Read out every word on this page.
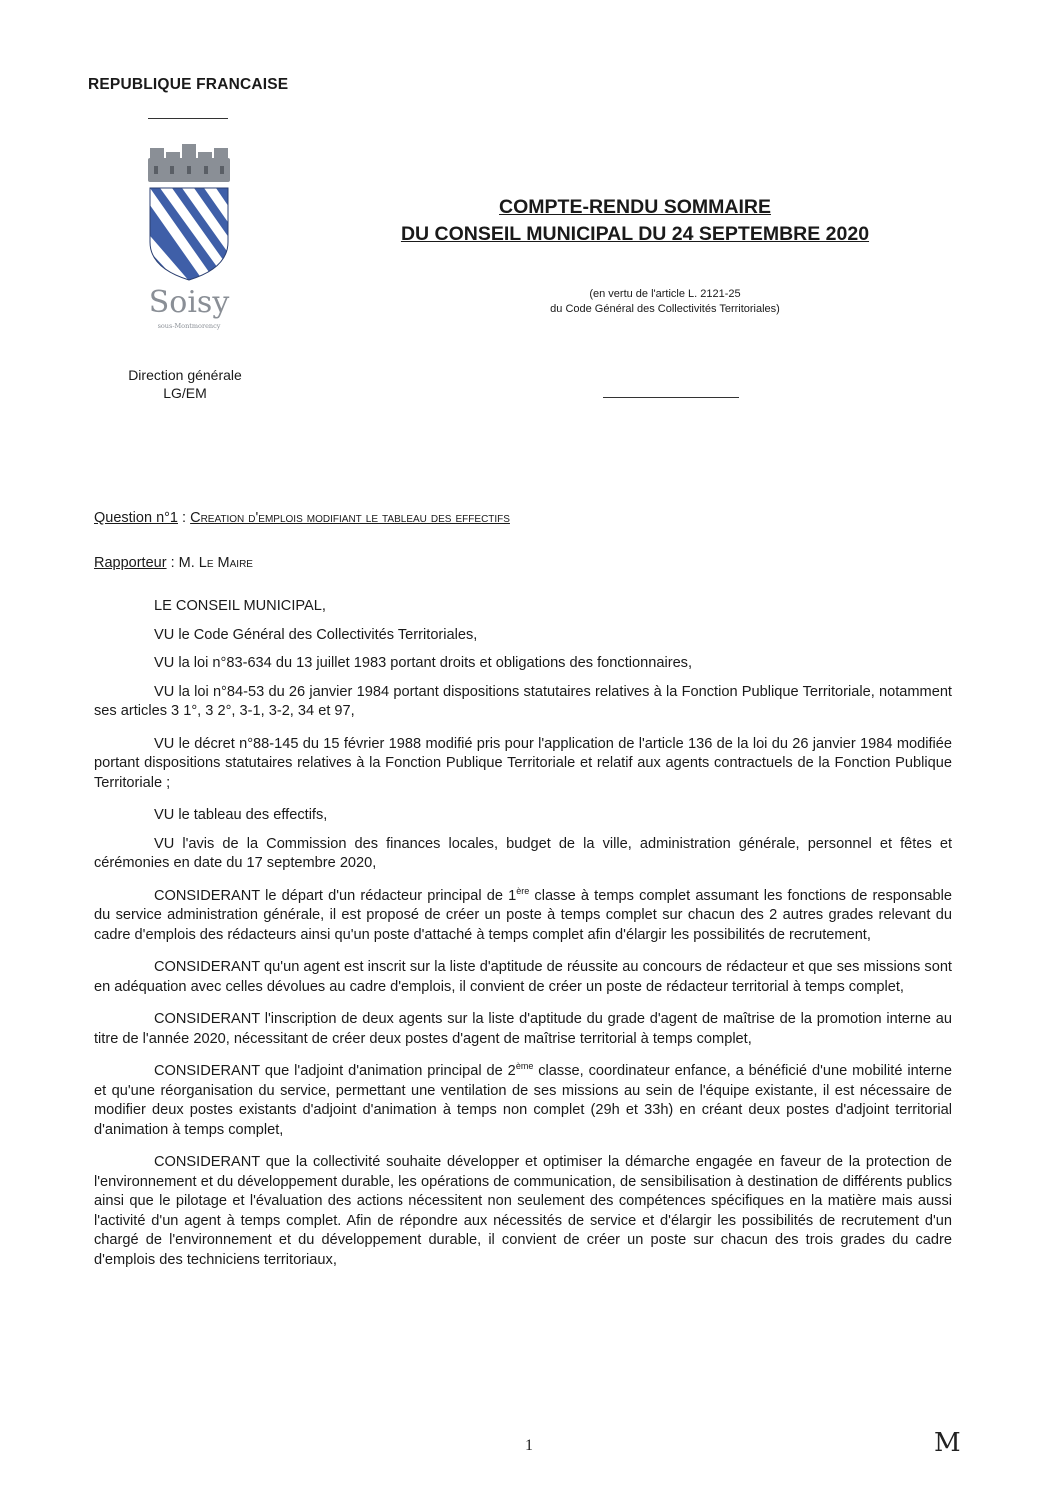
REPUBLIQUE FRANCAISE
Soisy
sous-Montmorency
Direction générale
LG/EM
COMPTE-RENDU SOMMAIRE
DU CONSEIL MUNICIPAL DU 24 SEPTEMBRE 2020
(en vertu de l'article L. 2121-25
du Code Général des Collectivités Territoriales)
Question n°1 : Creation d'emplois modifiant le tableau des effectifs
Rapporteur : M. Le Maire

LE CONSEIL MUNICIPAL,

VU le Code Général des Collectivités Territoriales,

VU la loi n°83-634 du 13 juillet 1983 portant droits et obligations des fonctionnaires,

VU la loi n°84-53 du 26 janvier 1984 portant dispositions statutaires relatives à la Fonction Publique Territoriale, notamment ses articles 3 1°, 3 2°, 3-1, 3-2, 34 et 97,

VU le décret n°88-145 du 15 février 1988 modifié pris pour l'application de l'article 136 de la loi du 26 janvier 1984 modifiée portant dispositions statutaires relatives à la Fonction Publique Territoriale et relatif aux agents contractuels de la Fonction Publique Territoriale ;

VU le tableau des effectifs,

VU l'avis de la Commission des finances locales, budget de la ville, administration générale, personnel et fêtes et cérémonies en date du 17 septembre 2020,

CONSIDERANT le départ d'un rédacteur principal de 1ère classe à temps complet assumant les fonctions de responsable du service administration générale, il est proposé de créer un poste à temps complet sur chacun des 2 autres grades relevant du cadre d'emplois des rédacteurs ainsi qu'un poste d'attaché à temps complet afin d'élargir les possibilités de recrutement,

CONSIDERANT qu'un agent est inscrit sur la liste d'aptitude de réussite au concours de rédacteur et que ses missions sont en adéquation avec celles dévolues au cadre d'emplois, il convient de créer un poste de rédacteur territorial à temps complet,

CONSIDERANT l'inscription de deux agents sur la liste d'aptitude du grade d'agent de maîtrise de la promotion interne au titre de l'année 2020, nécessitant de créer deux postes d'agent de maîtrise territorial à temps complet,

CONSIDERANT que l'adjoint d'animation principal de 2ème classe, coordinateur enfance, a bénéficié d'une mobilité interne et qu'une réorganisation du service, permettant une ventilation de ses missions au sein de l'équipe existante, il est nécessaire de modifier deux postes existants d'adjoint d'animation à temps non complet (29h et 33h) en créant deux postes d'adjoint territorial d'animation à temps complet,

CONSIDERANT que la collectivité souhaite développer et optimiser la démarche engagée en faveur de la protection de l'environnement et du développement durable, les opérations de communication, de sensibilisation à destination de différents publics ainsi que le pilotage et l'évaluation des actions nécessitent non seulement des compétences spécifiques en la matière mais aussi l'activité d'un agent à temps complet. Afin de répondre aux nécessités de service et d'élargir les possibilités de recrutement d'un chargé de l'environnement et du développement durable, il convient de créer un poste sur chacun des trois grades du cadre d'emplois des techniciens territoriaux,

M
1
